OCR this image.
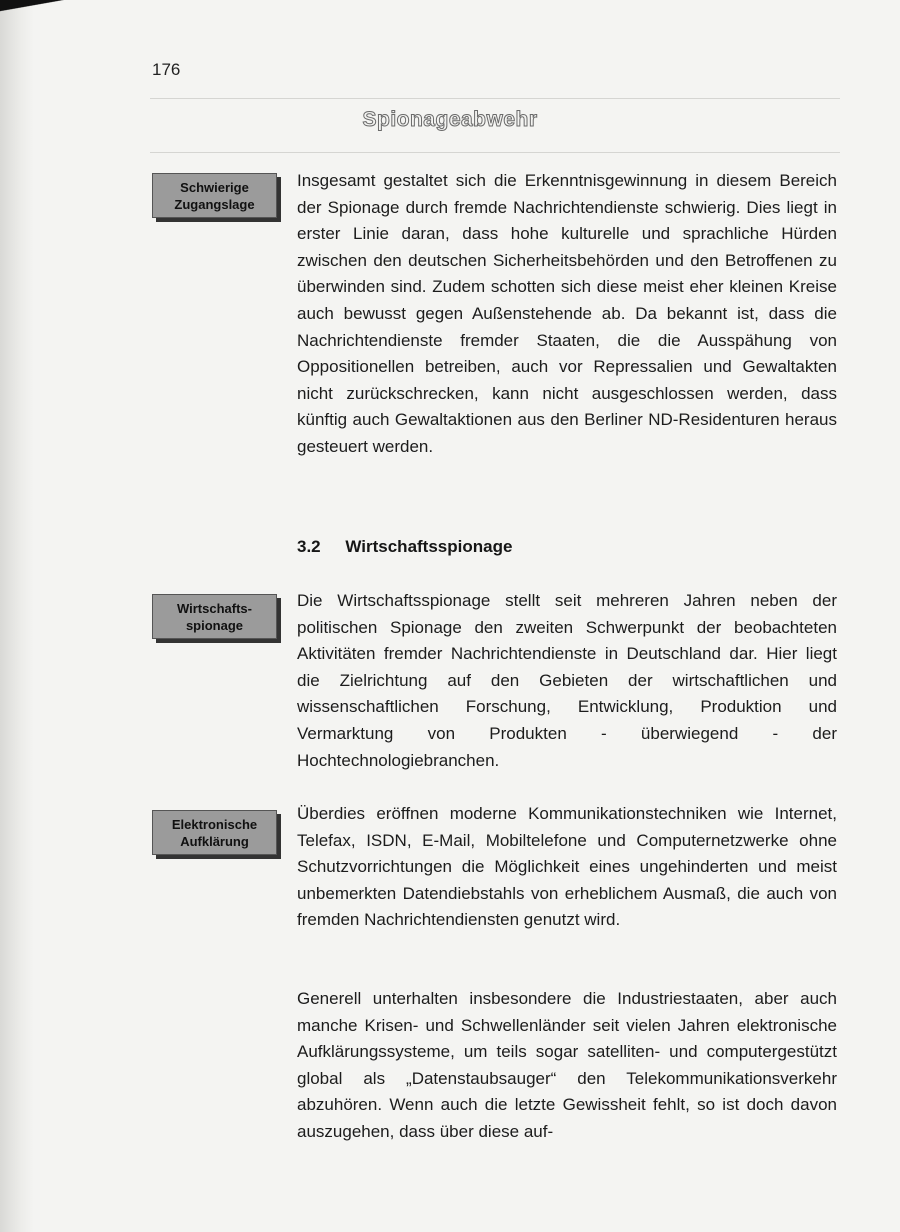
176
Spionageabwehr
Schwierige
Zugangslage
Insgesamt gestaltet sich die Erkenntnisgewinnung in diesem Bereich der Spionage durch fremde Nachrichtendienste schwierig. Dies liegt in erster Linie daran, dass hohe kulturelle und sprachliche Hürden zwischen den deutschen Sicherheitsbehörden und den Betroffenen zu überwinden sind. Zudem schotten sich diese meist eher kleinen Kreise auch bewusst gegen Außenstehende ab. Da bekannt ist, dass die Nachrichtendienste fremder Staaten, die die Ausspähung von Oppositionellen betreiben, auch vor Repressalien und Gewaltakten nicht zurückschrecken, kann nicht ausgeschlossen werden, dass künftig auch Gewaltaktionen aus den Berliner ND-Residenturen heraus gesteuert werden.
3.2 Wirtschaftsspionage
Wirtschafts-
spionage
Die Wirtschaftsspionage stellt seit mehreren Jahren neben der politischen Spionage den zweiten Schwerpunkt der beobachteten Aktivitäten fremder Nachrichtendienste in Deutschland dar. Hier liegt die Zielrichtung auf den Gebieten der wirtschaftlichen und wissenschaftlichen Forschung, Entwicklung, Produktion und Vermarktung von Produkten - überwiegend - der Hochtechnologiebranchen.
Elektronische
Aufklärung
Überdies eröffnen moderne Kommunikationstechniken wie Internet, Telefax, ISDN, E-Mail, Mobiltelefone und Computernetzwerke ohne Schutzvorrichtungen die Möglichkeit eines ungehinderten und meist unbemerkten Datendiebstahls von erheblichem Ausmaß, die auch von fremden Nachrichtendiensten genutzt wird.
Generell unterhalten insbesondere die Industriestaaten, aber auch manche Krisen- und Schwellenländer seit vielen Jahren elektronische Aufklärungssysteme, um teils sogar satelliten- und computergestützt global als „Datenstaubsauger“ den Telekommunikationsverkehr abzuhören. Wenn auch die letzte Gewissheit fehlt, so ist doch davon auszugehen, dass über diese auf-
